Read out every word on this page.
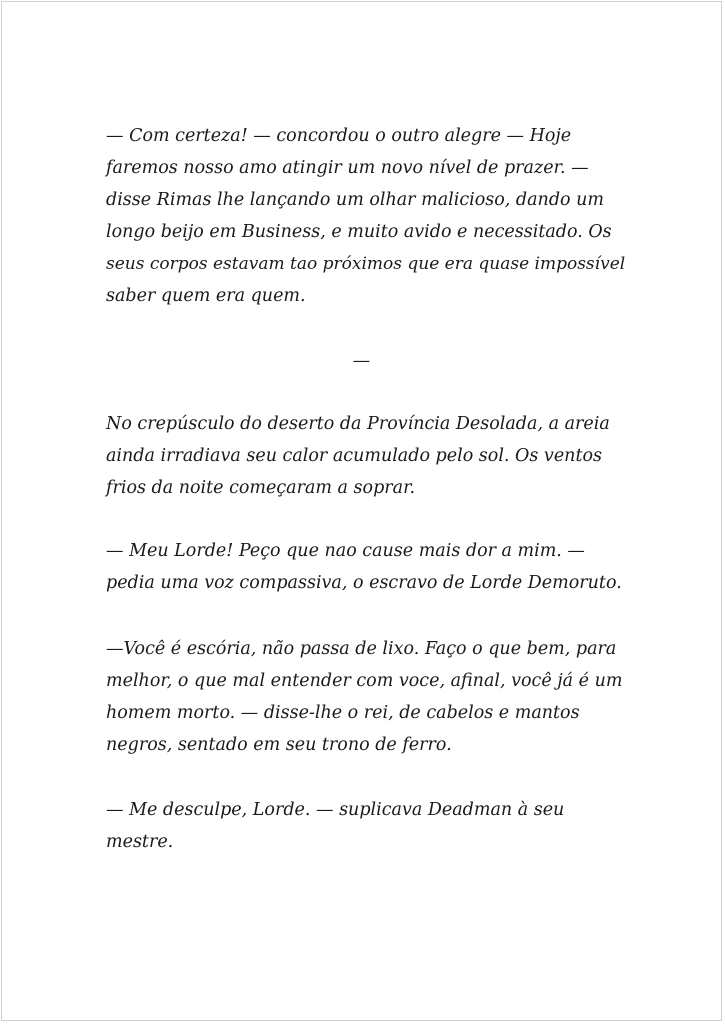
— Com certeza! — concordou o outro alegre — Hoje
faremos nosso amo atingir um novo nível de prazer. —
disse Rimas lhe lançando um olhar malicioso, dando um
longo beijo em Business, e muito avido e necessitado. Os
seus corpos estavam tao próximos que era quase impossível
saber quem era quem.
—
No crepúsculo do deserto da Província Desolada, a areia
ainda irradiava seu calor acumulado pelo sol. Os ventos
frios da noite começaram a soprar.
— Meu Lorde! Peço que nao cause mais dor a mim. —
pedia uma voz compassiva, o escravo de Lorde Demoruto.
—Você é escória, não passa de lixo. Faço o que bem, para
melhor, o que mal entender com voce, afinal, você já é um
homem morto. — disse-lhe o rei, de cabelos e mantos
negros, sentado em seu trono de ferro.
— Me desculpe, Lorde. — suplicava Deadman à seu
mestre.
